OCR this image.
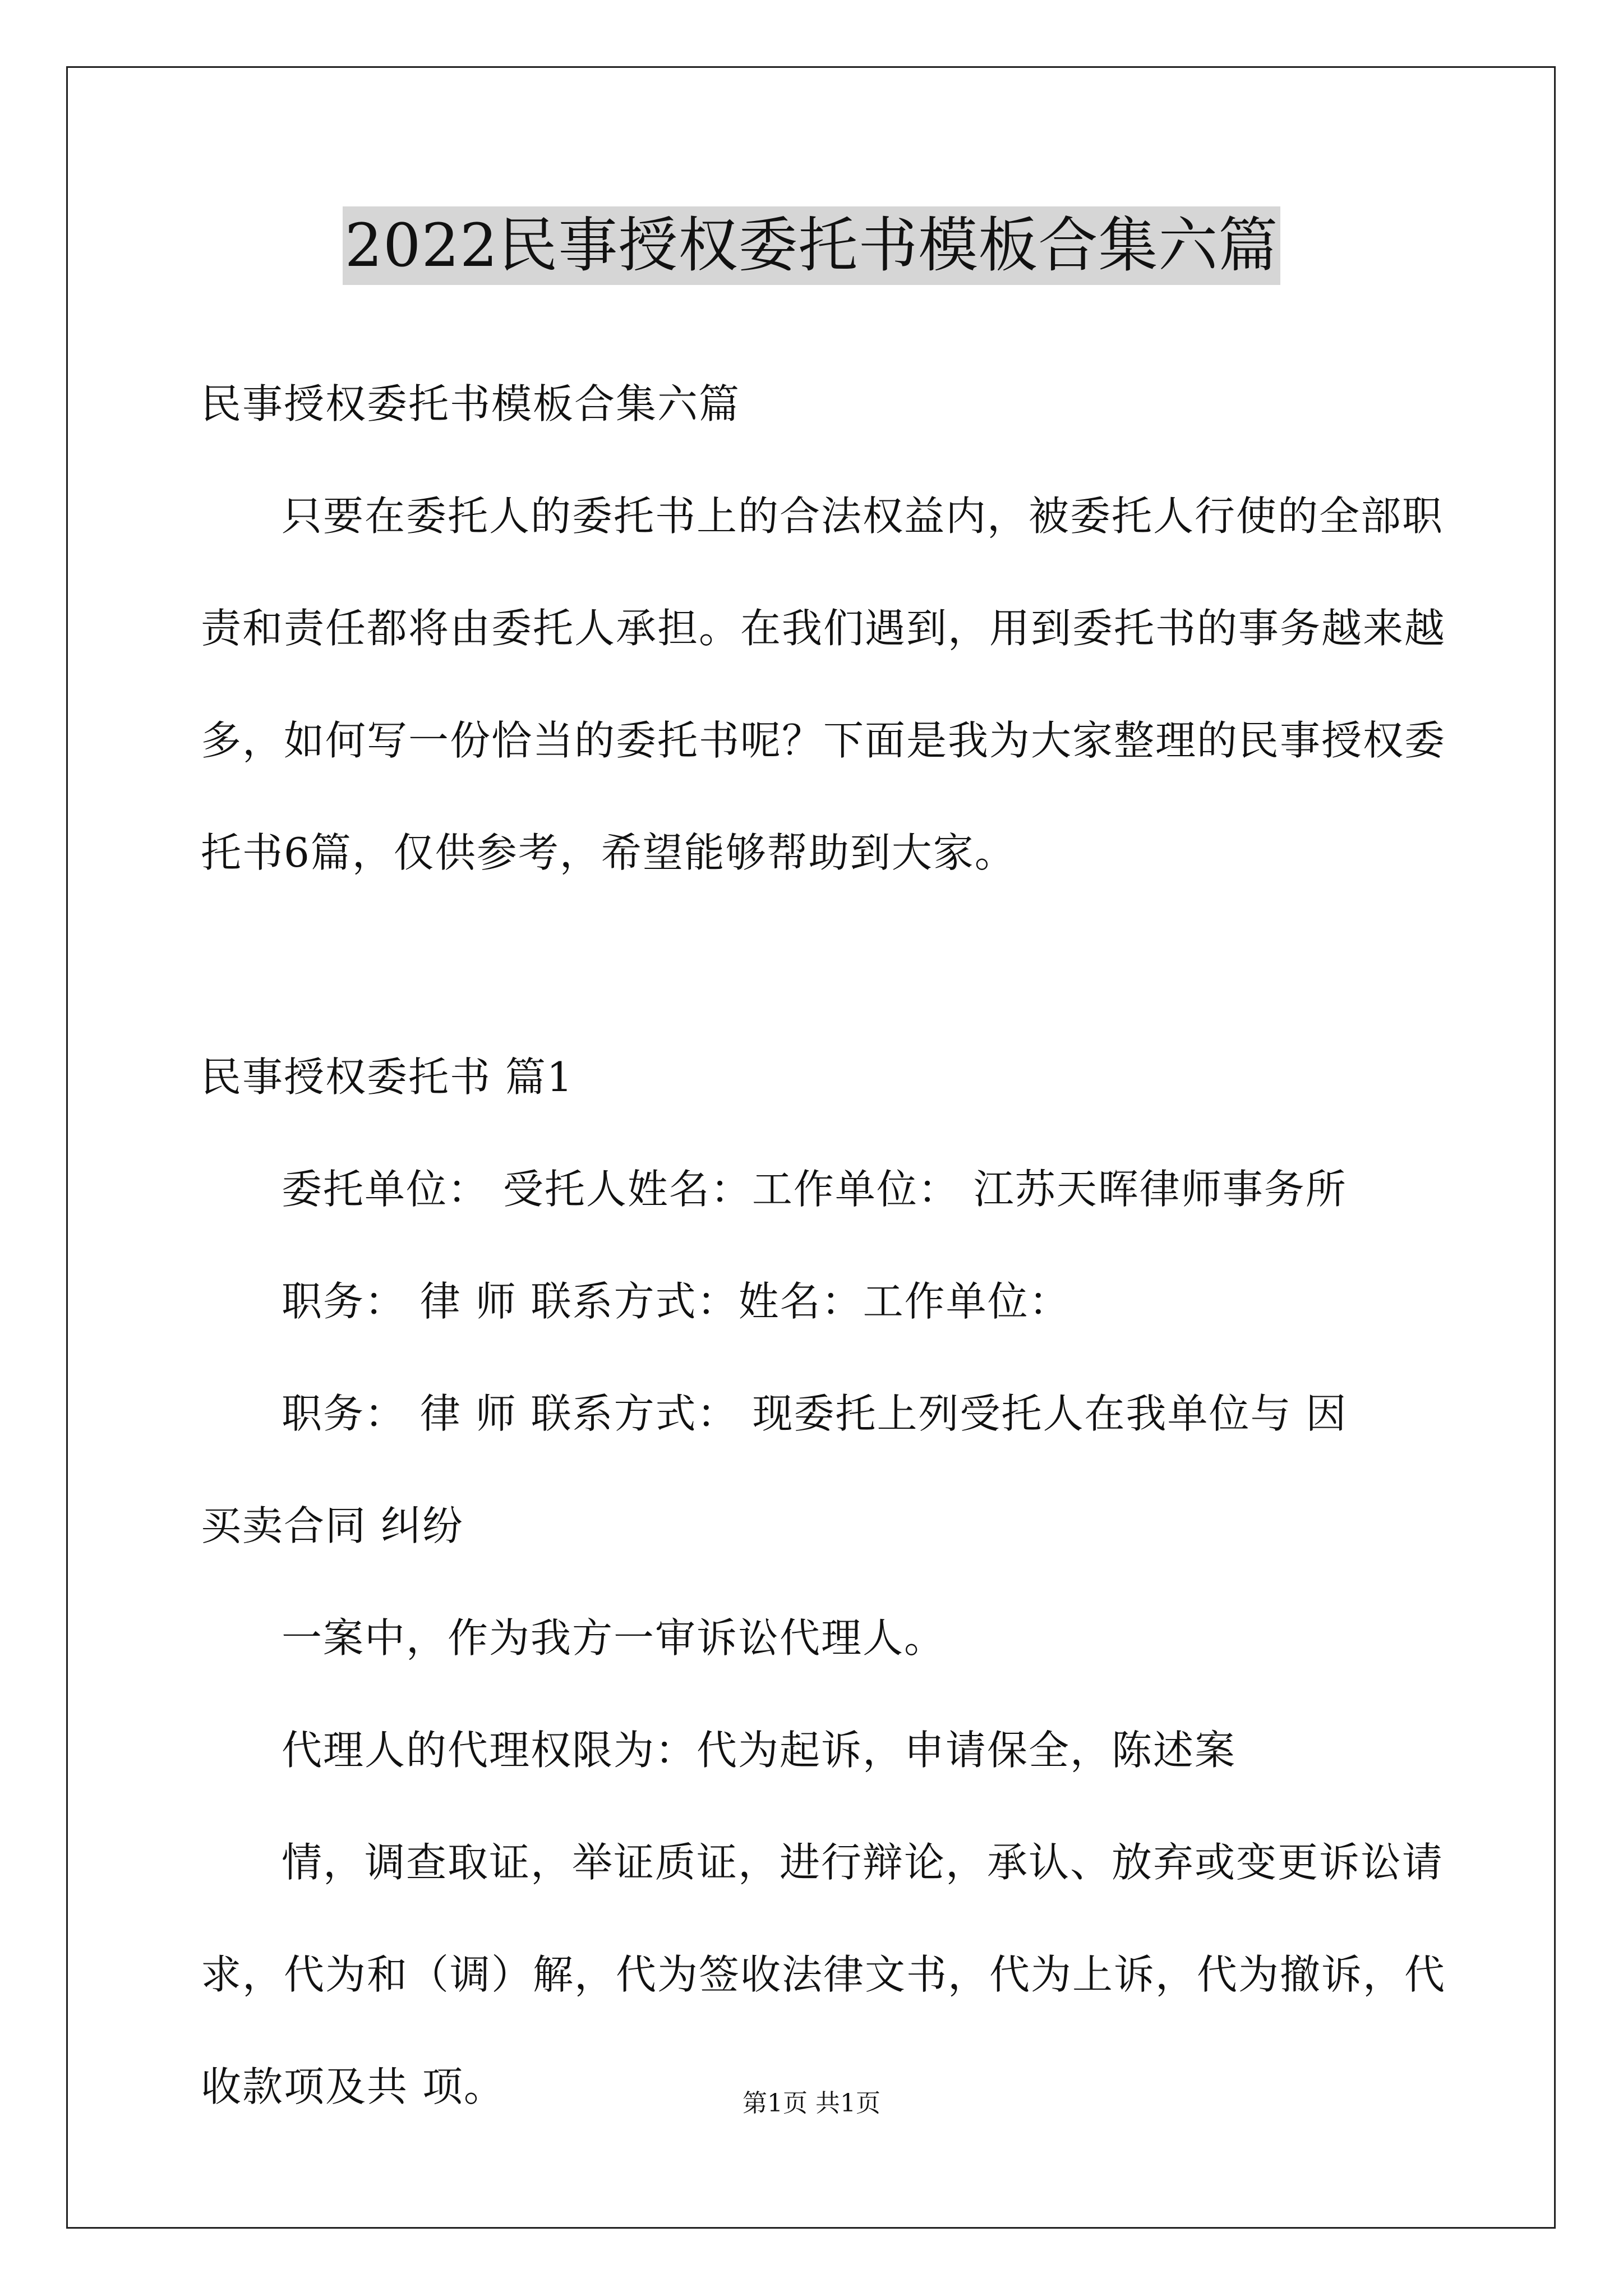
2022民事授权委托书模板合集六篇

民事授权委托书模板合集六篇

只要在委托人的委托书上的合法权益内，被委托人行使的全部职

责和责任都将由委托人承担。在我们遇到，用到委托书的事务越来越

多，如何写一份恰当的委托书呢？下面是我为大家整理的民事授权委

托书6篇，仅供参考，希望能够帮助到大家。

民事授权委托书 篇1

委托单位： 受托人姓名：工作单位： 江苏天晖律师事务所

职务： 律 师 联系方式：姓名：工作单位：

职务： 律 师 联系方式： 现委托上列受托人在我单位与 因

买卖合同 纠纷

一案中，作为我方一审诉讼代理人。

代理人的代理权限为：代为起诉，申请保全，陈述案

情，调查取证，举证质证，进行辩论，承认、放弃或变更诉讼请

求，代为和（调）解，代为签收法律文书，代为上诉，代为撤诉，代

收款项及共 项。	第1页 共1页
